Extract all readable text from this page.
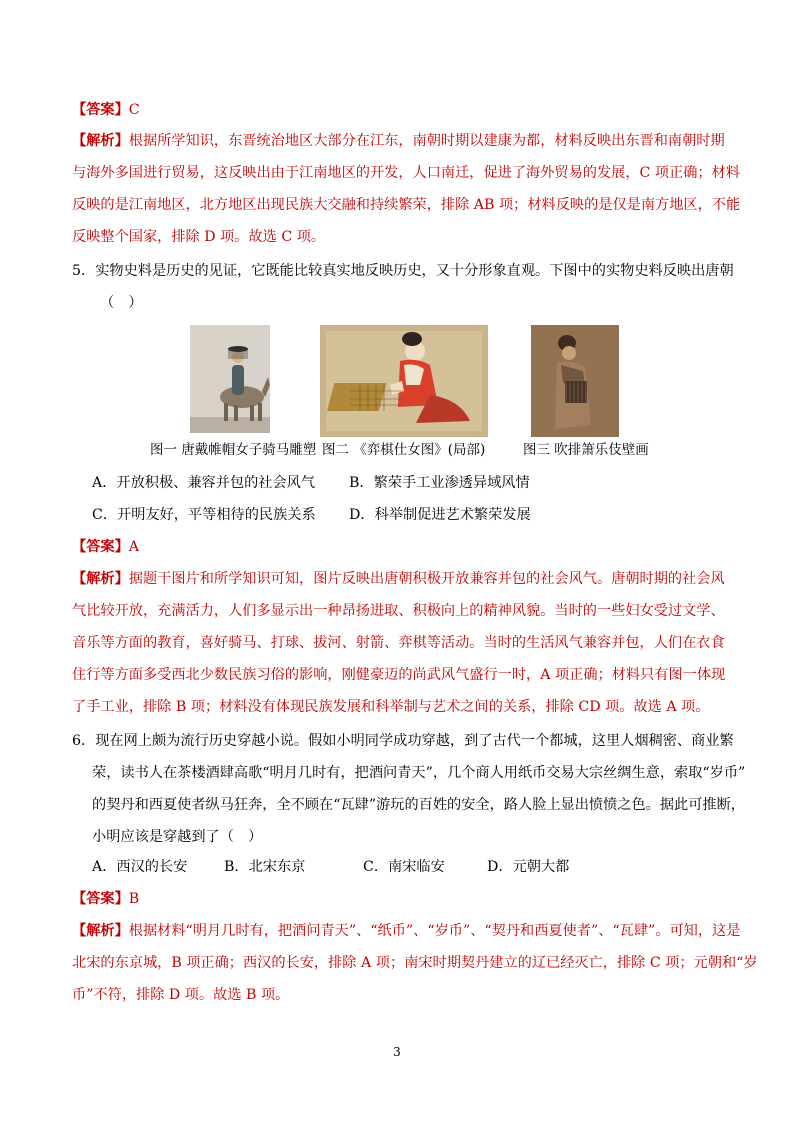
【答案】C
【解析】根据所学知识，东晋统治地区大部分在江东，南朝时期以建康为都，材料反映出东晋和南朝时期
与海外多国进行贸易，这反映出由于江南地区的开发，人口南迁，促进了海外贸易的发展，C 项正确；材料
反映的是江南地区，北方地区出现民族大交融和持续繁荣，排除 AB 项；材料反映的是仅是南方地区，不能
反映整个国家，排除 D 项。故选 C 项。
5．实物史料是历史的见证，它既能比较真实地反映历史，又十分形象直观。下图中的实物史料反映出唐朝
（　）
图一 唐戴帷帽女子骑马雕塑 图二 《弈棋仕女图》(局部)	图三 吹排箫乐伎壁画
A．开放积极、兼容并包的社会风气 B．繁荣手工业渗透异域风情
C．开明友好，平等相待的民族关系 D．科举制促进艺术繁荣发展
【答案】A
【解析】据题干图片和所学知识可知，图片反映出唐朝积极开放兼容并包的社会风气。唐朝时期的社会风
气比较开放，充满活力，人们多显示出一种昂扬进取、积极向上的精神风貌。当时的一些妇女受过文学、
音乐等方面的教育，喜好骑马、打球、拔河、射箭、弈棋等活动。当时的生活风气兼容并包，人们在衣食
住行等方面多受西北少数民族习俗的影响，刚健豪迈的尚武风气盛行一时，A 项正确；材料只有图一体现
了手工业，排除 B 项；材料没有体现民族发展和科举制与艺术之间的关系，排除 CD 项。故选 A 项。
6．现在网上颇为流行历史穿越小说。假如小明同学成功穿越，到了古代一个都城，这里人烟稠密、商业繁
荣，读书人在茶楼酒肆高歌“明月几时有，把酒问青天”，几个商人用纸币交易大宗丝绸生意，索取“岁币”
的契丹和西夏使者纵马狂奔，全不顾在“瓦肆”游玩的百姓的安全，路人脸上显出愤愤之色。据此可推断，
小明应该是穿越到了（　）
A．西汉的长安	B．北宋东京	C．南宋临安	D．元朝大都
【答案】B
【解析】根据材料“明月几时有，把酒问青天”、“纸币”、“岁币”、“契丹和西夏使者”、“瓦肆”。可知，这是
北宋的东京城，B 项正确；西汉的长安，排除 A 项；南宋时期契丹建立的辽已经灭亡，排除 C 项；元朝和“岁
币”不符，排除 D 项。故选 B 项。
3
